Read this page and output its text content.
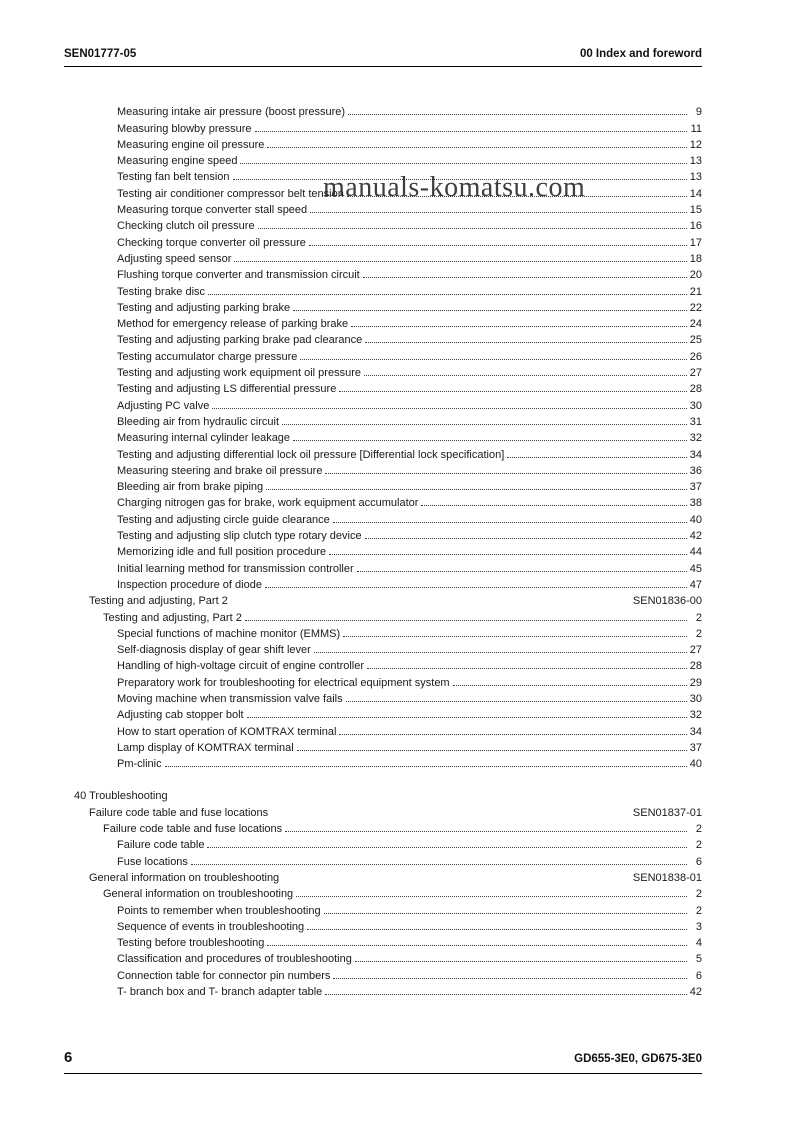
SEN01777-05	00 Index and foreword
Measuring intake air pressure (boost pressure)	9
Measuring blowby pressure	11
Measuring engine oil pressure	12
Measuring engine speed	13
Testing fan belt tension	13
Testing air conditioner compressor belt tension	14
Measuring torque converter stall speed	15
Checking clutch oil pressure	16
Checking torque converter oil pressure	17
Adjusting speed sensor	18
Flushing torque converter and transmission circuit	20
Testing brake disc	21
Testing and adjusting parking brake	22
Method for emergency release of parking brake	24
Testing and adjusting parking brake pad clearance	25
Testing accumulator charge pressure	26
Testing and adjusting work equipment oil pressure	27
Testing and adjusting LS differential pressure	28
Adjusting PC valve	30
Bleeding air from hydraulic circuit	31
Measuring internal cylinder leakage	32
Testing and adjusting differential lock oil pressure [Differential lock specification]	34
Measuring steering and brake oil pressure	36
Bleeding air from brake piping	37
Charging nitrogen gas for brake, work equipment accumulator	38
Testing and adjusting circle guide clearance	40
Testing and adjusting slip clutch type rotary device	42
Memorizing idle and full position procedure	44
Initial learning method for transmission controller	45
Inspection procedure of diode	47
Testing and adjusting, Part 2	SEN01836-00
Testing and adjusting, Part 2	2
Special functions of machine monitor (EMMS)	2
Self-diagnosis display of gear shift lever	27
Handling of high-voltage circuit of engine controller	28
Preparatory work for troubleshooting for electrical equipment system	29
Moving machine when transmission valve fails	30
Adjusting cab stopper bolt	32
How to start operation of KOMTRAX terminal	34
Lamp display of KOMTRAX terminal	37
Pm-clinic	40
40 Troubleshooting
Failure code table and fuse locations	SEN01837-01
Failure code table and fuse locations	2
Failure code table	2
Fuse locations	6
General information on troubleshooting	SEN01838-01
General information on troubleshooting	2
Points to remember when troubleshooting	2
Sequence of events in troubleshooting	3
Testing before troubleshooting	4
Classification and procedures of troubleshooting	5
Connection table for connector pin numbers	6
T- branch box and T- branch adapter table	42
manuals-komatsu.com
6	GD655-3E0, GD675-3E0
